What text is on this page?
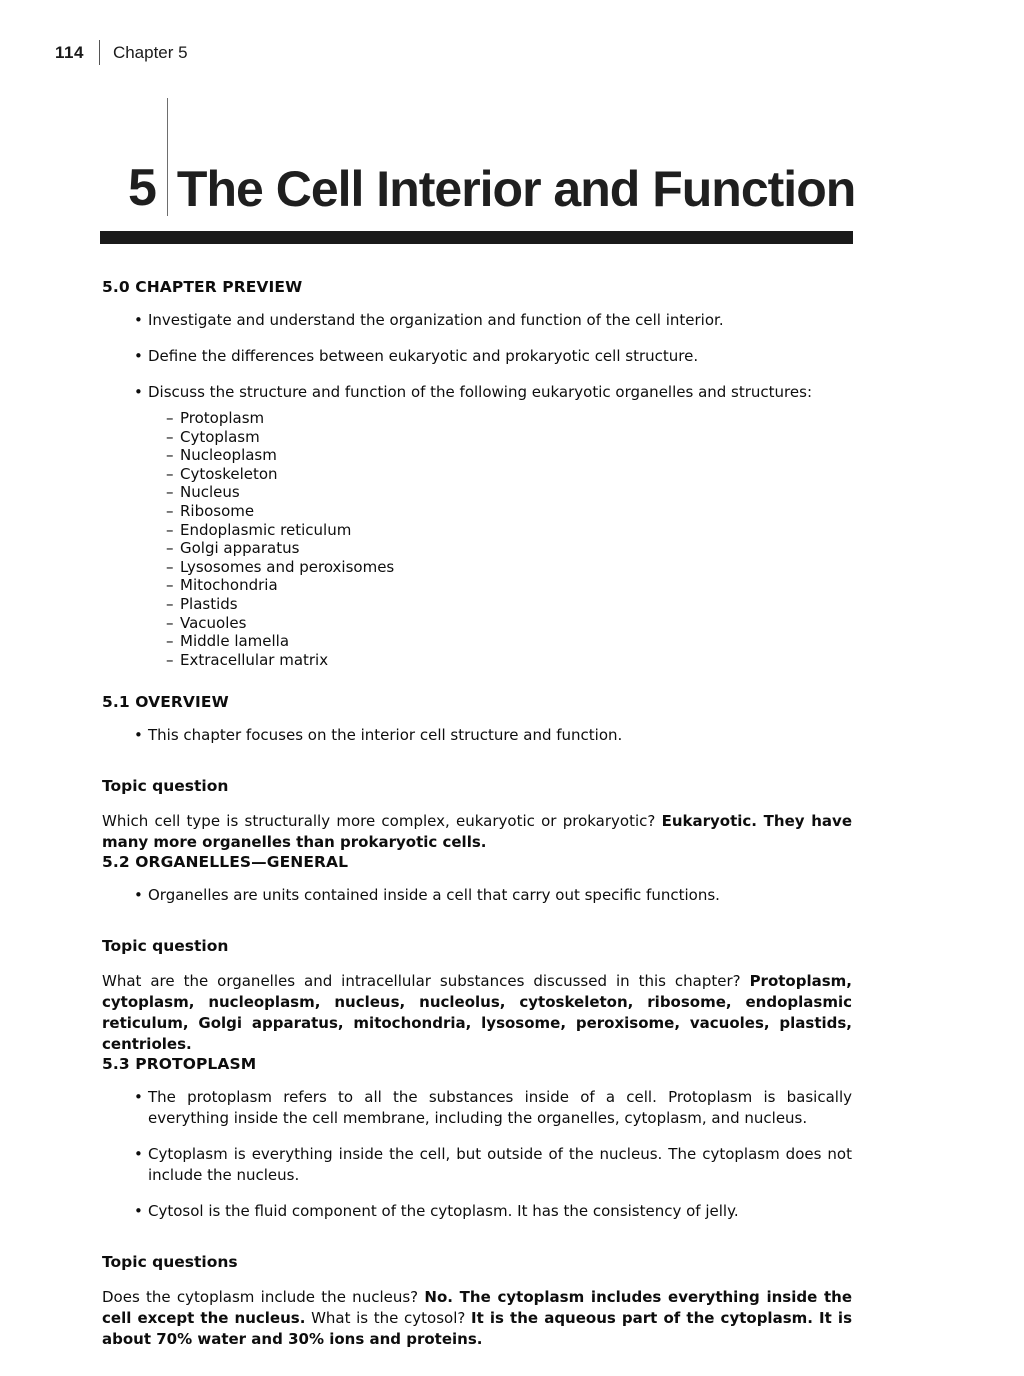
114 Chapter 5
5 The Cell Interior and Function
5.0 CHAPTER PREVIEW
• Investigate and understand the organization and function of the cell interior.
• Define the differences between eukaryotic and prokaryotic cell structure.
• Discuss the structure and function of the following eukaryotic organelles and structures:
– Protoplasm
– Cytoplasm
– Nucleoplasm
– Cytoskeleton
– Nucleus
– Ribosome
– Endoplasmic reticulum
– Golgi apparatus
– Lysosomes and peroxisomes
– Mitochondria
– Plastids
– Vacuoles
– Middle lamella
– Extracellular matrix
5.1 OVERVIEW
• This chapter focuses on the interior cell structure and function.
Topic question

Which cell type is structurally more complex, eukaryotic or prokaryotic? Eukaryotic. They have many more organelles than prokaryotic cells.

5.2 ORGANELLES—GENERAL
• Organelles are units contained inside a cell that carry out specific functions.
Topic question

What are the organelles and intracellular substances discussed in this chapter? Protoplasm, cytoplasm, nucleoplasm, nucleus, nucleolus, cytoskeleton, ribosome, endoplasmic reticulum, Golgi apparatus, mitochondria, lysosome, peroxisome, vacuoles, plastids, centrioles.

5.3 PROTOPLASM
• The protoplasm refers to all the substances inside of a cell. Protoplasm is basically everything inside the cell membrane, including the organelles, cytoplasm, and nucleus.
• Cytoplasm is everything inside the cell, but outside of the nucleus. The cytoplasm does not include the nucleus.
• Cytosol is the fluid component of the cytoplasm. It has the consistency of jelly.
Topic questions

Does the cytoplasm include the nucleus? No. The cytoplasm includes everything inside the cell except the nucleus. What is the cytosol? It is the aqueous part of the cytoplasm. It is about 70% water and 30% ions and proteins.
